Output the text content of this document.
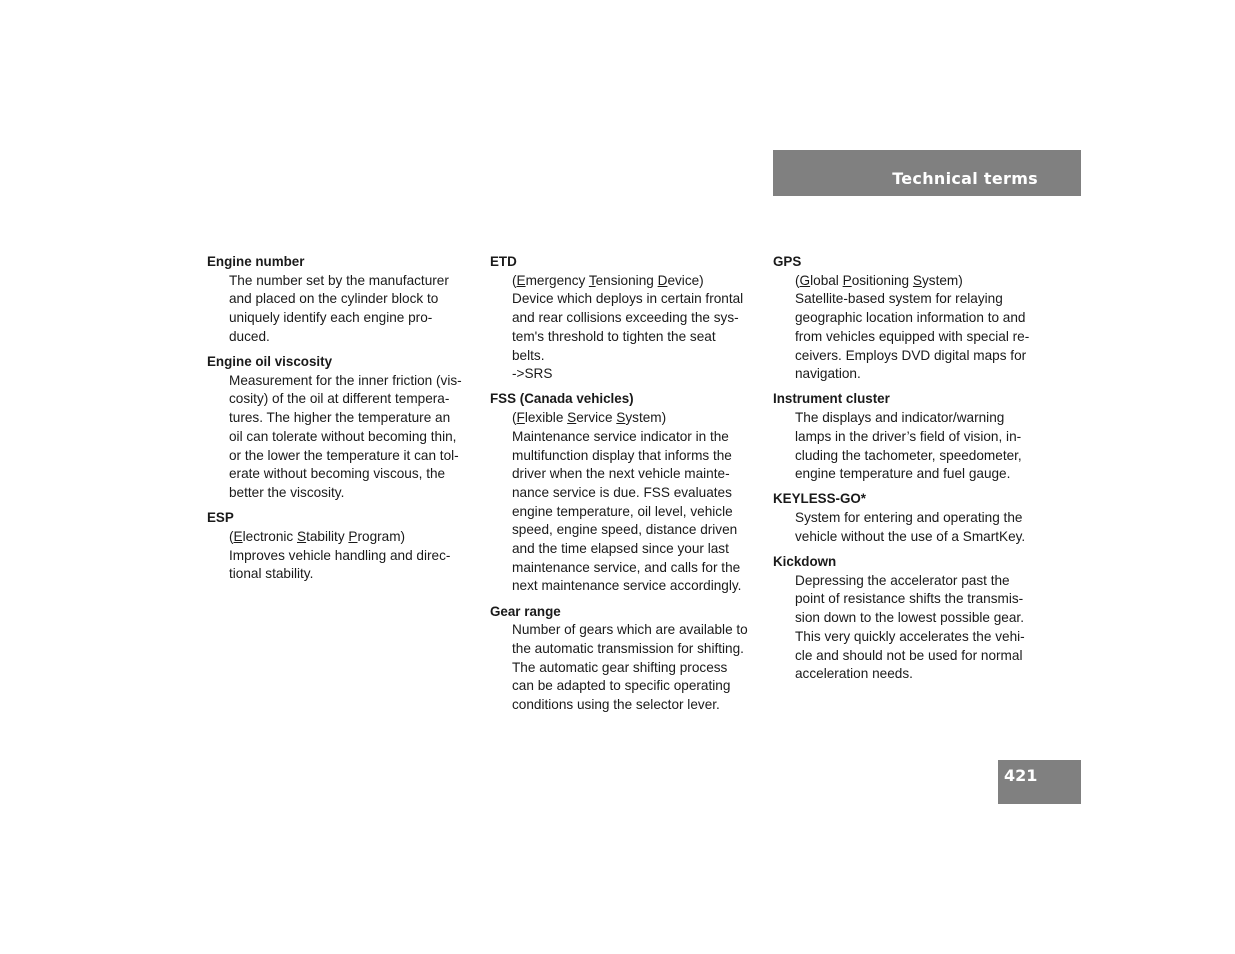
Technical terms
Engine number
The number set by the manufacturer
and placed on the cylinder block to
uniquely identify each engine pro-
duced.
Engine oil viscosity
Measurement for the inner friction (vis-
cosity) of the oil at different tempera-
tures. The higher the temperature an
oil can tolerate without becoming thin,
or the lower the temperature it can tol-
erate without becoming viscous, the
better the viscosity.
ESP
(Electronic Stability Program)
Improves vehicle handling and direc-
tional stability.
ETD
(Emergency Tensioning Device)
Device which deploys in certain frontal
and rear collisions exceeding the sys-
tem's threshold to tighten the seat
belts.
->SRS
FSS (Canada vehicles)
(Flexible Service System)
Maintenance service indicator in the
multifunction display that informs the
driver when the next vehicle mainte-
nance service is due. FSS evaluates
engine temperature, oil level, vehicle
speed, engine speed, distance driven
and the time elapsed since your last
maintenance service, and calls for the
next maintenance service accordingly.
Gear range
Number of gears which are available to
the automatic transmission for shifting.
The automatic gear shifting process
can be adapted to specific operating
conditions using the selector lever.
GPS
(Global Positioning System)
Satellite-based system for relaying
geographic location information to and
from vehicles equipped with special re-
ceivers. Employs DVD digital maps for
navigation.
Instrument cluster
The displays and indicator/warning
lamps in the driver’s field of vision, in-
cluding the tachometer, speedometer,
engine temperature and fuel gauge.
KEYLESS-GO*
System for entering and operating the
vehicle without the use of a SmartKey.
Kickdown
Depressing the accelerator past the
point of resistance shifts the transmis-
sion down to the lowest possible gear.
This very quickly accelerates the vehi-
cle and should not be used for normal
acceleration needs.
421
